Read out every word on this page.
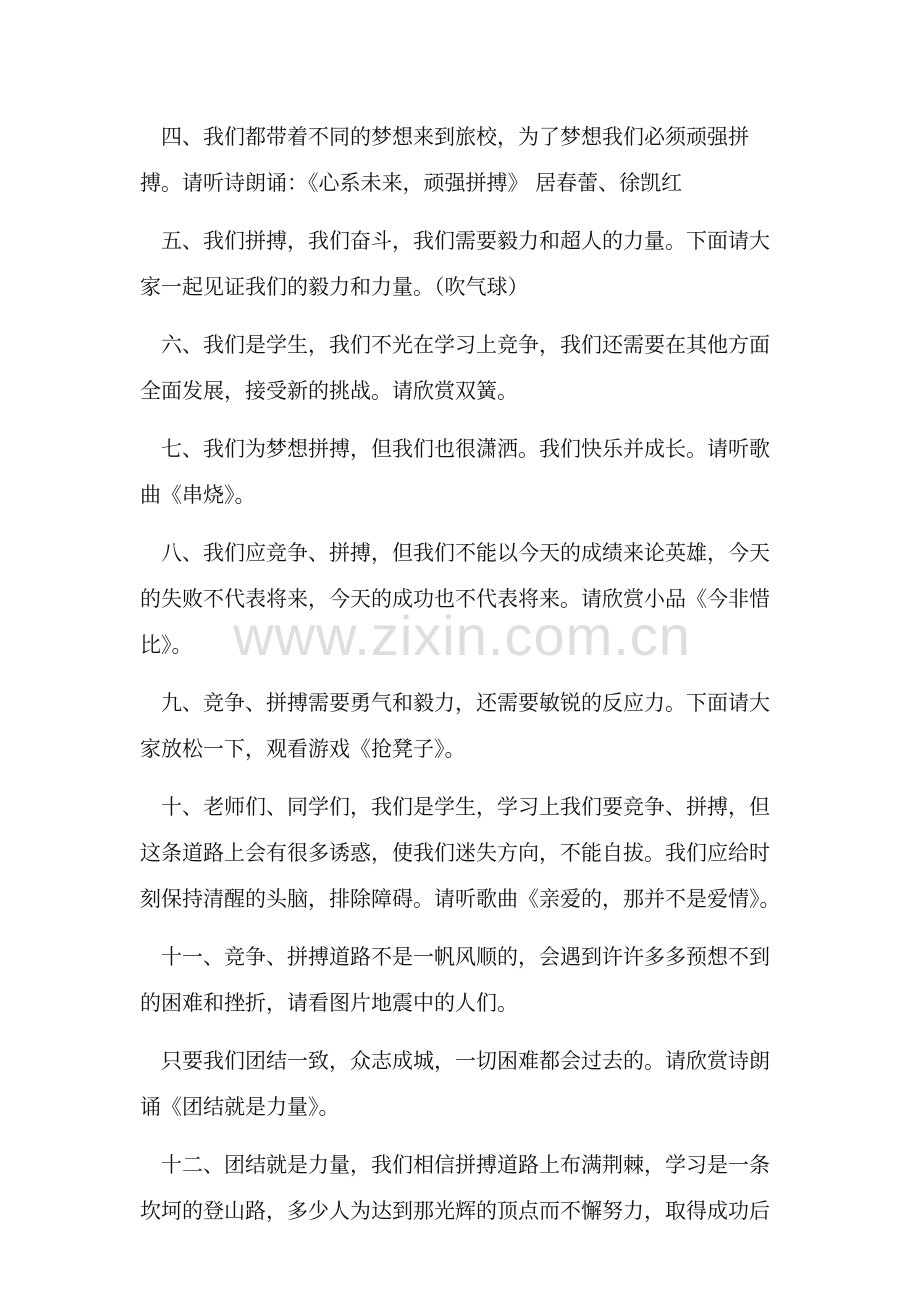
四、我们都带着不同的梦想来到旅校，为了梦想我们必须顽强拼搏。请听诗朗诵：《心系未来，顽强拼搏》 居春蕾、徐凯红

五、我们拼搏，我们奋斗，我们需要毅力和超人的力量。下面请大家一起见证我们的毅力和力量。（吹气球）

六、我们是学生，我们不光在学习上竞争，我们还需要在其他方面全面发展，接受新的挑战。请欣赏双簧。

七、我们为梦想拼搏，但我们也很潇洒。我们快乐并成长。请听歌曲《串烧》。

八、我们应竞争、拼搏，但我们不能以今天的成绩来论英雄，今天的失败不代表将来，今天的成功也不代表将来。请欣赏小品《今非惜比》。

九、竞争、拼搏需要勇气和毅力，还需要敏锐的反应力。下面请大家放松一下，观看游戏《抢凳子》。

十、老师们、同学们，我们是学生，学习上我们要竞争、拼搏，但这条道路上会有很多诱惑，使我们迷失方向，不能自拔。我们应给时刻保持清醒的头脑，排除障碍。请听歌曲《亲爱的，那并不是爱情》。

十一、竞争、拼搏道路不是一帆风顺的，会遇到许许多多预想不到的困难和挫折，请看图片地震中的人们。

只要我们团结一致，众志成城，一切困难都会过去的。请欣赏诗朗诵《团结就是力量》。

十二、团结就是力量，我们相信拼搏道路上布满荆棘，学习是一条坎坷的登山路，多少人为达到那光辉的顶点而不懈努力，取得成功后

www.zixin.com.cn
